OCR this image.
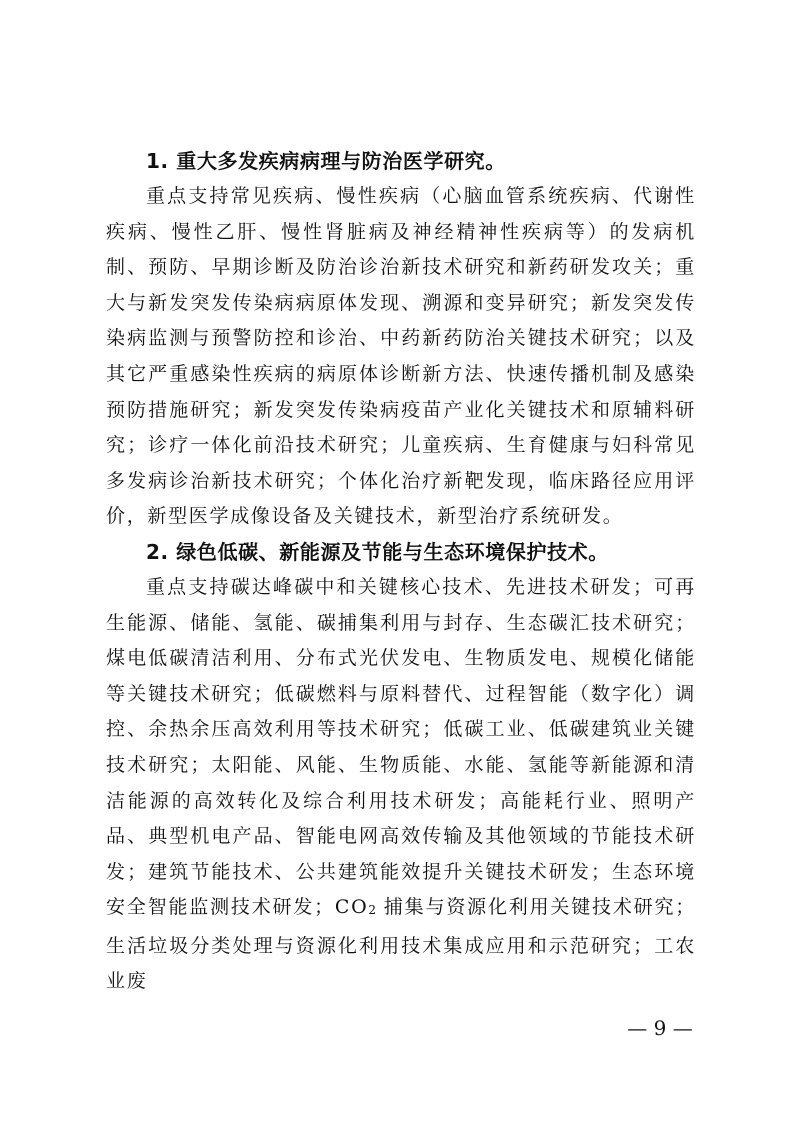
1. 重大多发疾病病理与防治医学研究。

重点支持常见疾病、慢性疾病（心脑血管系统疾病、代谢性疾病、慢性乙肝、慢性肾脏病及神经精神性疾病等）的发病机制、预防、早期诊断及防治诊治新技术研究和新药研发攻关；重大与新发突发传染病病原体发现、溯源和变异研究；新发突发传染病监测与预警防控和诊治、中药新药防治关键技术研究；以及其它严重感染性疾病的病原体诊断新方法、快速传播机制及感染预防措施研究；新发突发传染病疫苗产业化关键技术和原辅料研究；诊疗一体化前沿技术研究；儿童疾病、生育健康与妇科常见多发病诊治新技术研究；个体化治疗新靶发现，临床路径应用评价，新型医学成像设备及关键技术，新型治疗系统研发。

2. 绿色低碳、新能源及节能与生态环境保护技术。

重点支持碳达峰碳中和关键核心技术、先进技术研发；可再生能源、储能、氢能、碳捕集利用与封存、生态碳汇技术研究；煤电低碳清洁利用、分布式光伏发电、生物质发电、规模化储能等关键技术研究；低碳燃料与原料替代、过程智能（数字化）调控、余热余压高效利用等技术研究；低碳工业、低碳建筑业关键技术研究；太阳能、风能、生物质能、水能、氢能等新能源和清洁能源的高效转化及综合利用技术研发；高能耗行业、照明产品、典型机电产品、智能电网高效传输及其他领域的节能技术研发；建筑节能技术、公共建筑能效提升关键技术研发；生态环境安全智能监测技术研发；CO2 捕集与资源化利用关键技术研究；生活垃圾分类处理与资源化利用技术集成应用和示范研究；工农业废

— 9 —
